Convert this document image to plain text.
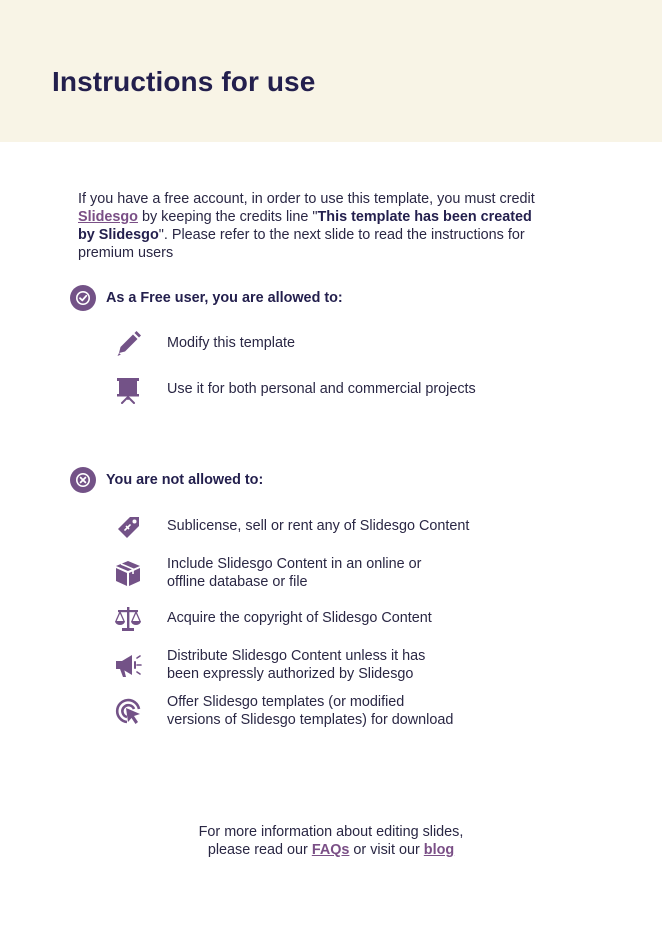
Instructions for use
If you have a free account, in order to use this template, you must credit Slidesgo by keeping the credits line "This template has been created by Slidesgo". Please refer to the next slide to read the instructions for premium users
As a Free user, you are allowed to:
Modify this template
Use it for both personal and commercial projects
You are not allowed to:
Sublicense, sell or rent any of Slidesgo Content
Include Slidesgo Content in an online or
offline database or file
Acquire the copyright of Slidesgo Content
Distribute Slidesgo Content unless it has
been expressly authorized by Slidesgo
Offer Slidesgo templates (or modified
versions of Slidesgo templates) for download
For more information about editing slides,
please read our FAQs or visit our blog
